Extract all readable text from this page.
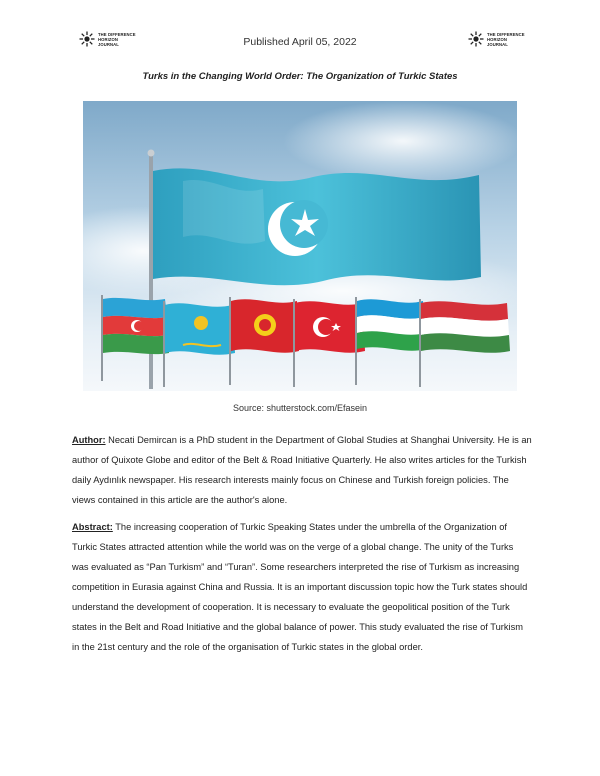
THE DIFFERENCE
HORIZON
JOURNAL	Published April 05, 2022
THE DIFFERENCE
HORIZON
JOURNAL
Turks in the Changing World Order: The Organization of Turkic States
Source: shutterstock.com/Efasein

Author: Necati Demircan is a PhD student in the Department of Global Studies at Shanghai University. He is an author of Quixote Globe and editor of the Belt & Road Initiative Quarterly. He also writes articles for the Turkish daily Aydınlık newspaper. His research interests mainly focus on Chinese and Turkish foreign policies. The views contained in this article are the author's alone.

Abstract: The increasing cooperation of Turkic Speaking States under the umbrella of the Organization of Turkic States attracted attention while the world was on the verge of a global change. The unity of the Turks was evaluated as “Pan Turkism” and “Turan”. Some researchers interpreted the rise of Turkism as increasing competition in Eurasia against China and Russia. It is an important discussion topic how the Turk states should understand the development of cooperation. It is necessary to evaluate the geopolitical position of the Turk states in the Belt and Road Initiative and the global balance of power. This study evaluated the rise of Turkism in the 21st century and the role of the organisation of Turkic states in the global order.
